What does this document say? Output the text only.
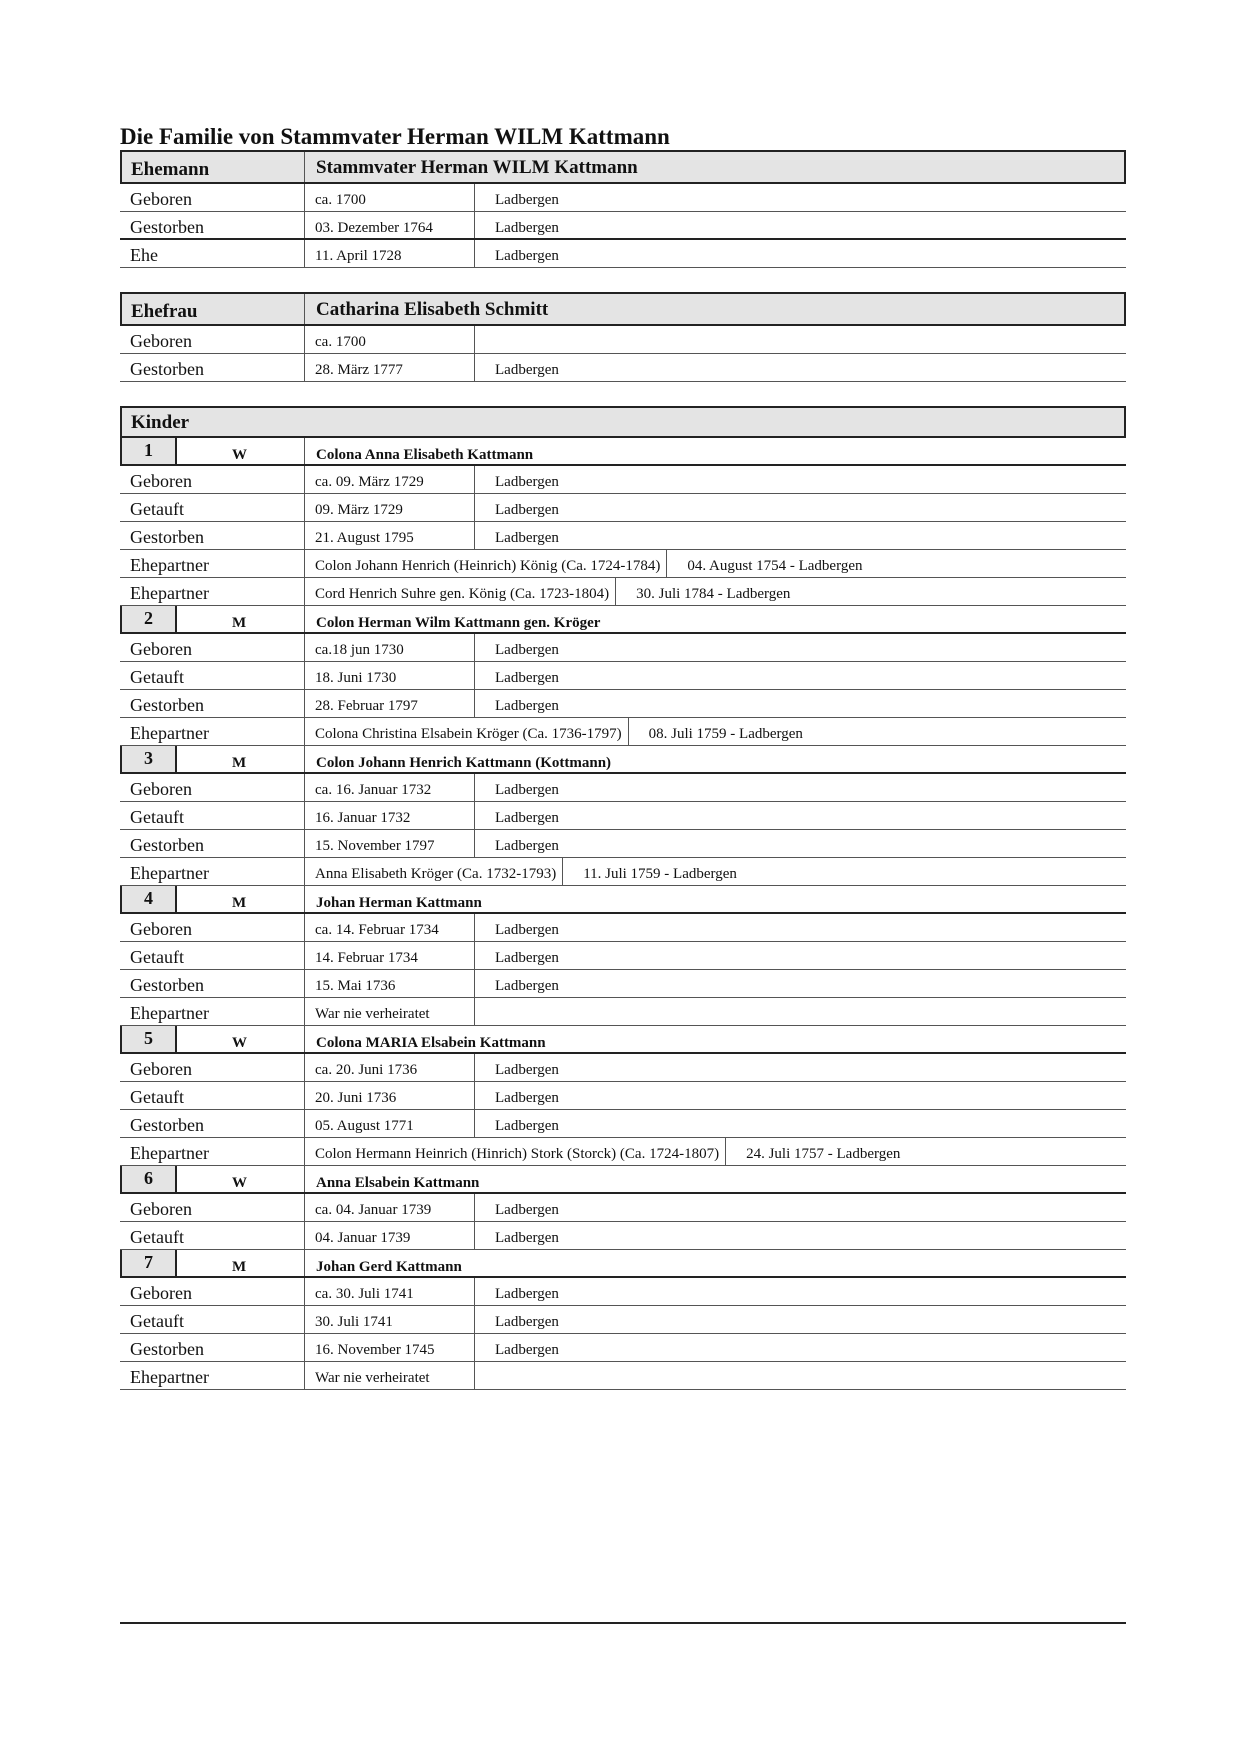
Die Familie von Stammvater Herman WILM Kattmann
Ehemann	Stammvater Herman WILM Kattmann
Geboren	ca. 1700	Ladbergen
Gestorben	03. Dezember 1764	Ladbergen
Ehe	11. April 1728	Ladbergen
Ehefrau	Catharina Elisabeth Schmitt
Geboren	ca. 1700
Gestorben	28. März 1777	Ladbergen
Kinder
1	W	Colona Anna Elisabeth Kattmann
Geboren	ca. 09. März 1729	Ladbergen
Getauft	09. März 1729	Ladbergen
Gestorben	21. August 1795	Ladbergen
Ehepartner	Colon Johann Henrich (Heinrich) König (Ca. 1724-1784)	04. August 1754 - Ladbergen
Ehepartner	Cord Henrich Suhre gen. König (Ca. 1723-1804)	30. Juli 1784 - Ladbergen
2	M	Colon Herman Wilm Kattmann gen. Kröger
Geboren	ca.18 jun 1730	Ladbergen
Getauft	18. Juni 1730	Ladbergen
Gestorben	28. Februar 1797	Ladbergen
Ehepartner	Colona Christina Elsabein Kröger (Ca. 1736-1797)	08. Juli 1759 - Ladbergen
3	M	Colon Johann Henrich Kattmann (Kottmann)
Geboren	ca. 16. Januar 1732	Ladbergen
Getauft	16. Januar 1732	Ladbergen
Gestorben	15. November 1797	Ladbergen
Ehepartner	Anna Elisabeth Kröger (Ca. 1732-1793)	11. Juli 1759 - Ladbergen
4	M	Johan Herman Kattmann
Geboren	ca. 14. Februar 1734	Ladbergen
Getauft	14. Februar 1734	Ladbergen
Gestorben	15. Mai 1736	Ladbergen
Ehepartner	War nie verheiratet
5	W	Colona MARIA Elsabein Kattmann
Geboren	ca. 20. Juni 1736	Ladbergen
Getauft	20. Juni 1736	Ladbergen
Gestorben	05. August 1771	Ladbergen
Ehepartner	Colon Hermann Heinrich (Hinrich) Stork (Storck) (Ca. 1724-1807)	24. Juli 1757 - Ladbergen
6	W	Anna Elsabein Kattmann
Geboren	ca. 04. Januar 1739	Ladbergen
Getauft	04. Januar 1739	Ladbergen
7	M	Johan Gerd Kattmann
Geboren	ca. 30. Juli 1741	Ladbergen
Getauft	30. Juli 1741	Ladbergen
Gestorben	16. November 1745	Ladbergen
Ehepartner	War nie verheiratet
